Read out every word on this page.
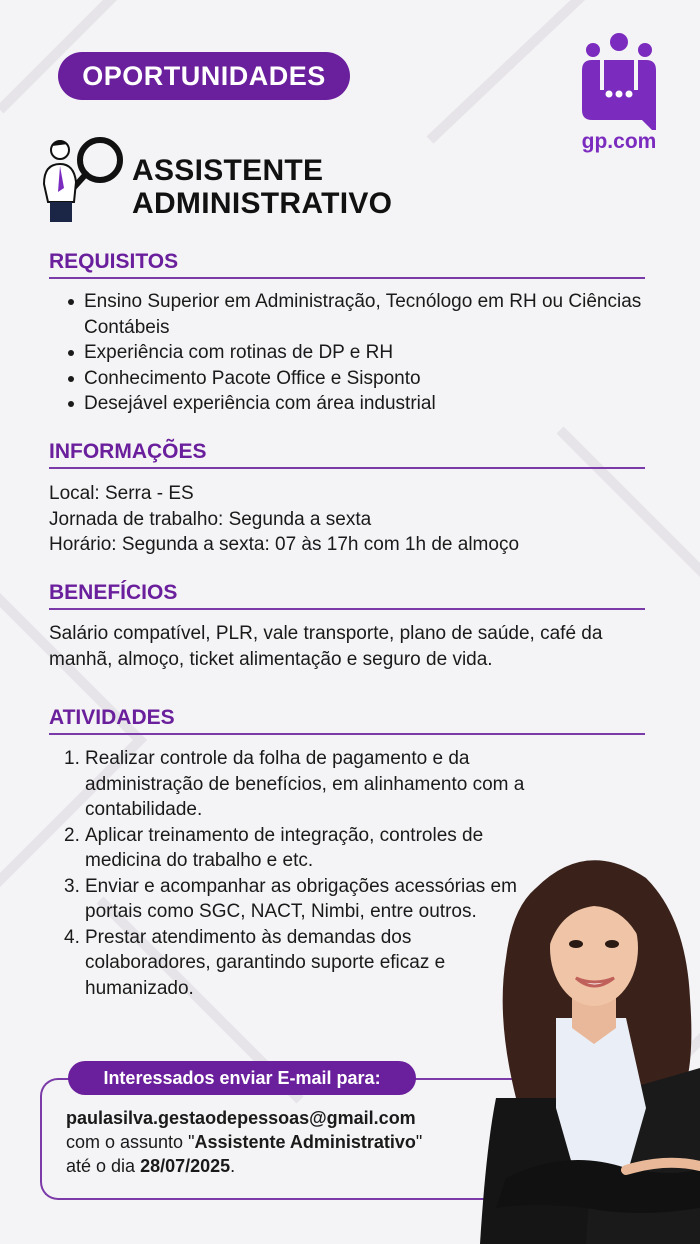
OPORTUNIDADES
gp.com
ASSISTENTE
ADMINISTRATIVO
REQUISITOS
Ensino Superior em Administração, Tecnólogo em RH ou Ciências Contábeis
Experiência com rotinas de DP e RH
Conhecimento Pacote Office e Sisponto
Desejável experiência com área industrial
INFORMAÇÕES
Local: Serra - ES
Jornada de trabalho: Segunda a sexta
Horário: Segunda a sexta: 07 às 17h com 1h de almoço
BENEFÍCIOS
Salário compatível, PLR, vale transporte, plano de saúde, café da manhã, almoço, ticket alimentação e seguro de vida.
ATIVIDADES
1. Realizar controle da folha de pagamento e da administração de benefícios, em alinhamento com a contabilidade.
2. Aplicar treinamento de integração, controles de medicina do trabalho e etc.
3. Enviar e acompanhar as obrigações acessórias em portais como SGC, NACT, Nimbi, entre outros.
4. Prestar atendimento às demandas dos colaboradores, garantindo suporte eficaz e humanizado.
Interessados enviar E-mail para:
paulasilva.gestaodepessoas@gmail.com
com o assunto "Assistente Administrativo"
até o dia 28/07/2025.
